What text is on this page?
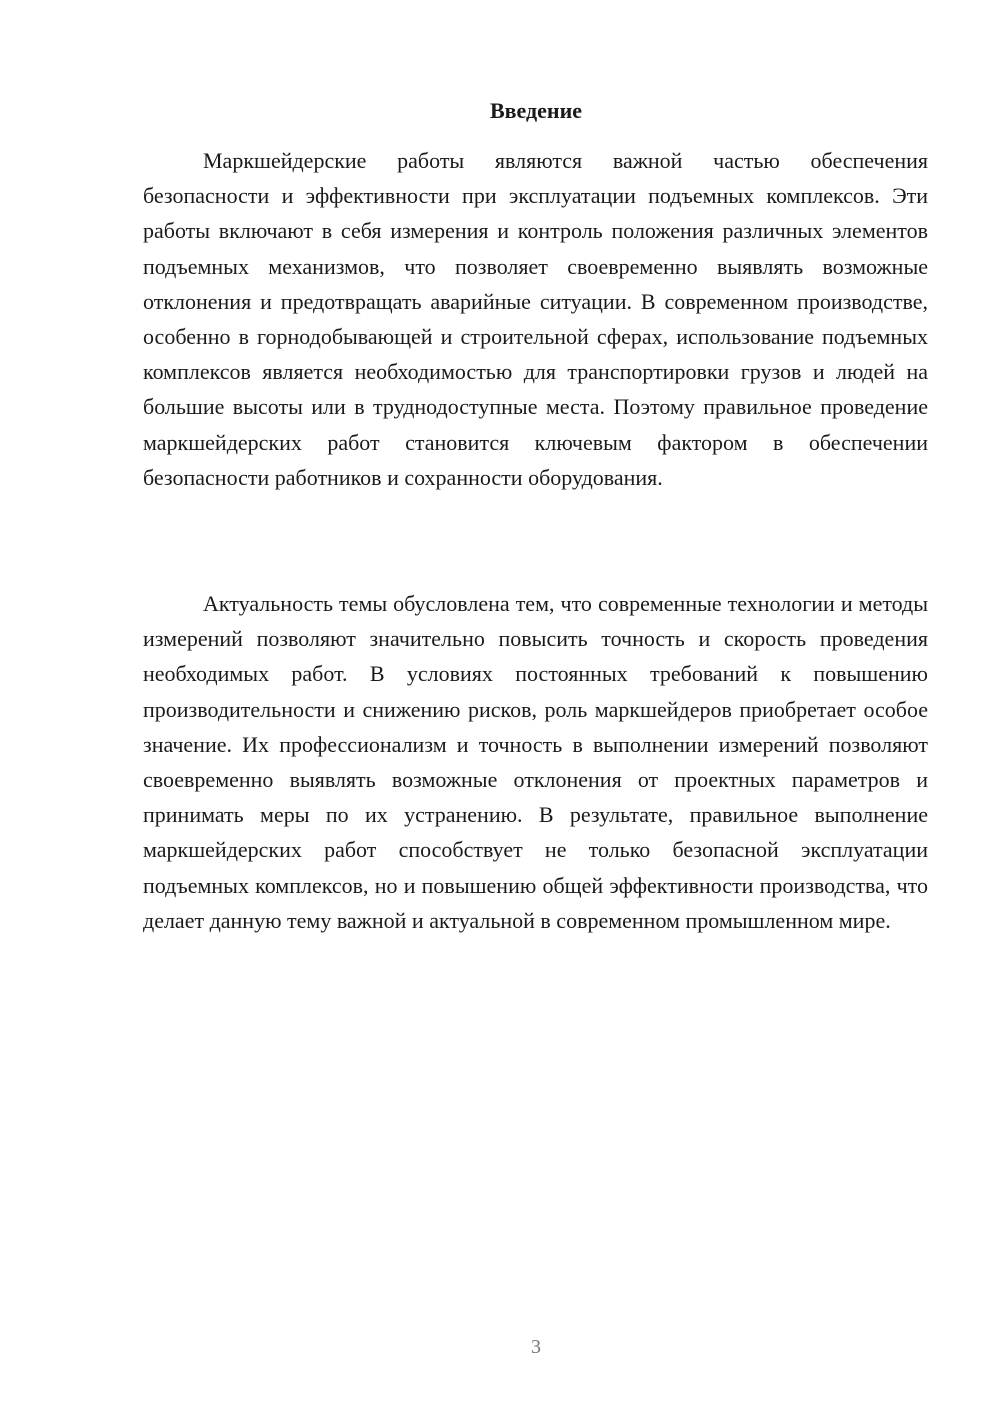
Введение

Маркшейдерские работы являются важной частью обеспечения безопасности и эффективности при эксплуатации подъемных комплексов. Эти работы включают в себя измерения и контроль положения различных элементов подъемных механизмов, что позволяет своевременно выявлять возможные отклонения и предотвращать аварийные ситуации. В современном производстве, особенно в горнодобывающей и строительной сферах, использование подъемных комплексов является необходимостью для транспортировки грузов и людей на большие высоты или в труднодоступные места. Поэтому правильное проведение маркшейдерских работ становится ключевым фактором в обеспечении безопасности работников и сохранности оборудования.

Актуальность темы обусловлена тем, что современные технологии и методы измерений позволяют значительно повысить точность и скорость проведения необходимых работ. В условиях постоянных требований к повышению производительности и снижению рисков, роль маркшейдеров приобретает особое значение. Их профессионализм и точность в выполнении измерений позволяют своевременно выявлять возможные отклонения от проектных параметров и принимать меры по их устранению. В результате, правильное выполнение маркшейдерских работ способствует не только безопасной эксплуатации подъемных комплексов, но и повышению общей эффективности производства, что делает данную тему важной и актуальной в современном промышленном мире.

3
